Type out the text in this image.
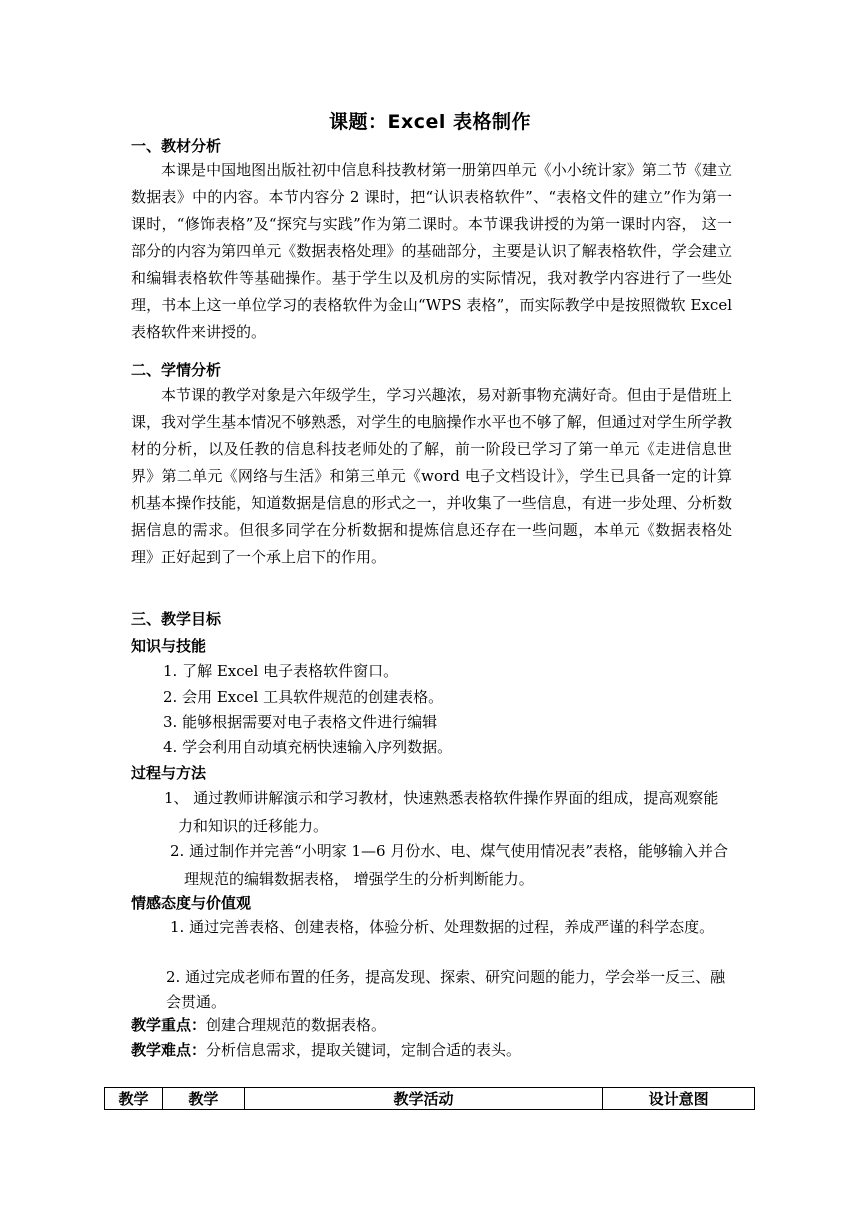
课题：Excel 表格制作
一、教材分析

本课是中国地图出版社初中信息科技教材第一册第四单元《小小统计家》第二节《建立数据表》中的内容。本节内容分 2 课时，把“认识表格软件”、“表格文件的建立”作为第一课时，“修饰表格”及“探究与实践”作为第二课时。本节课我讲授的为第一课时内容， 这一部分的内容为第四单元《数据表格处理》的基础部分，主要是认识了解表格软件，学会建立和编辑表格软件等基础操作。基于学生以及机房的实际情况，我对教学内容进行了一些处理，书本上这一单位学习的表格软件为金山“WPS 表格”，而实际教学中是按照微软 Excel 表格软件来讲授的。

二、学情分析

本节课的教学对象是六年级学生，学习兴趣浓，易对新事物充满好奇。但由于是借班上课，我对学生基本情况不够熟悉，对学生的电脑操作水平也不够了解，但通过对学生所学教材的分析，以及任教的信息科技老师处的了解，前一阶段已学习了第一单元《走进信息世界》第二单元《网络与生活》和第三单元《word 电子文档设计》，学生已具备一定的计算机基本操作技能，知道数据是信息的形式之一，并收集了一些信息，有进一步处理、分析数据信息的需求。但很多同学在分析数据和提炼信息还存在一些问题，本单元《数据表格处理》正好起到了一个承上启下的作用。

三、教学目标
知识与技能
1. 了解 Excel 电子表格软件窗口。
2. 会用 Excel 工具软件规范的创建表格。
3. 能够根据需要对电子表格文件进行编辑
4. 学会利用自动填充柄快速输入序列数据。
过程与方法

1、 通过教师讲解演示和学习教材，快速熟悉表格软件操作界面的组成，提高观察能力和知识的迁移能力。

2. 通过制作并完善“小明家 1—6 月份水、电、煤气使用情况表”表格，能够输入并合理规范的编辑数据表格， 增强学生的分析判断能力。

情感态度与价值观

1. 通过完善表格、创建表格，体验分析、处理数据的过程，养成严谨的科学态度。

2. 通过完成老师布置的任务，提高发现、探索、研究问题的能力，学会举一反三、融会贯通。

教学重点：创建合理规范的数据表格。
教学难点：分析信息需求，提取关键词，定制合适的表头。
教学	教学	教学活动	设计意图
